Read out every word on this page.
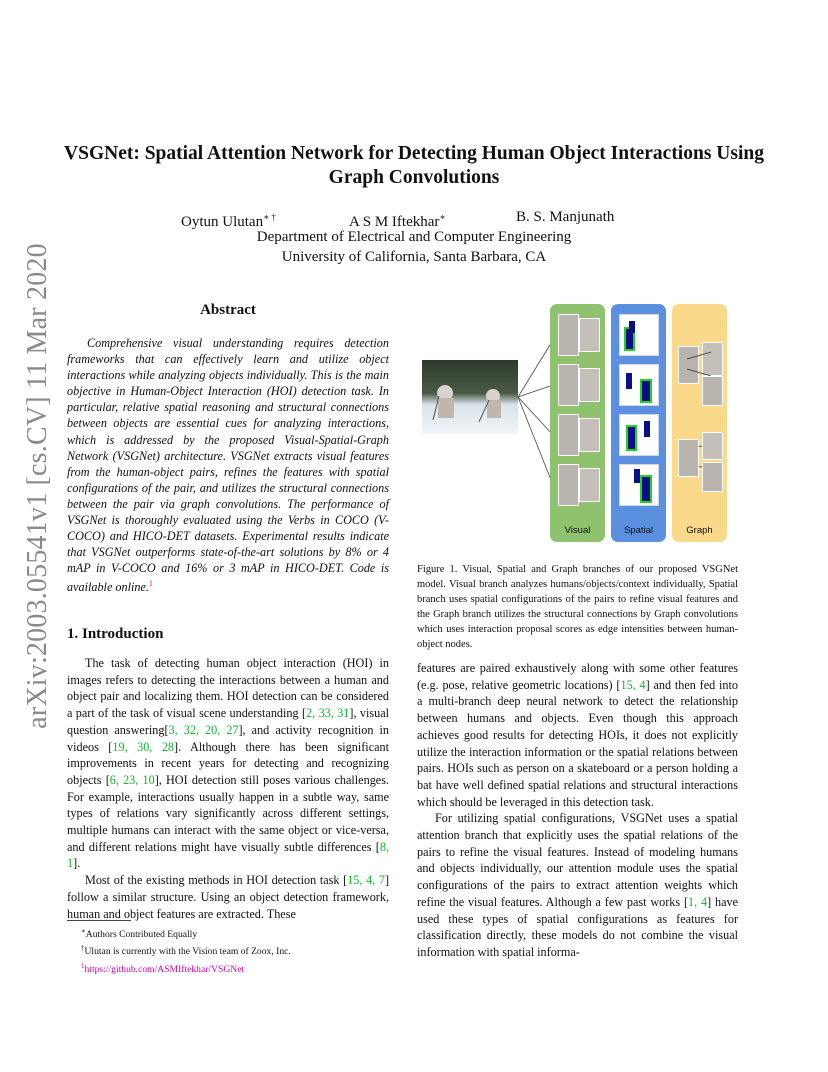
arXiv:2003.05541v1 [cs.CV] 11 Mar 2020
VSGNet: Spatial Attention Network for Detecting Human Object Interactions Using Graph Convolutions
Oytun Ulutan∗ †	A S M Iftekhar∗	B. S. Manjunath
Department of Electrical and Computer Engineering
University of California, Santa Barbara, CA
Abstract

Comprehensive visual understanding requires detection frameworks that can effectively learn and utilize object interactions while analyzing objects individually. This is the main objective in Human-Object Interaction (HOI) detection task. In particular, relative spatial reasoning and structural connections between objects are essential cues for analyzing interactions, which is addressed by the proposed Visual-Spatial-Graph Network (VSGNet) architecture. VSGNet extracts visual features from the human-object pairs, refines the features with spatial configurations of the pair, and utilizes the structural connections between the pair via graph convolutions. The performance of VSGNet is thoroughly evaluated using the Verbs in COCO (V-COCO) and HICO-DET datasets. Experimental results indicate that VSGNet outperforms state-of-the-art solutions by 8% or 4 mAP in V-COCO and 16% or 3 mAP in HICO-DET. Code is available online.$^1$

1. Introduction

The task of detecting human object interaction (HOI) in images refers to detecting the interactions between a human and object pair and localizing them. HOI detection can be considered a part of the task of visual scene understanding [2, 33, 31], visual question answering[3, 32, 20, 27], and activity recognition in videos [19, 30, 28]. Although there has been significant improvements in recent years for detecting and recognizing objects [6, 23, 10], HOI detection still poses various challenges. For example, interactions usually happen in a subtle way, same types of relations vary significantly across different settings, multiple humans can interact with the same object or vice-versa, and different relations might have visually subtle differences [8, 1].

Most of the existing methods in HOI detection task [15, 4, 7] follow a similar structure. Using an object detection framework, human and object features are extracted. These

∗Authors Contributed Equally
†Ulutan is currently with the Vision team of Zoox, Inc.
$^1$https://github.com/ASMIftekhar/VSGNet
Visual	Spatial	Graph
Figure 1. Visual, Spatial and Graph branches of our proposed VSGNet model. Visual branch analyzes humans/objects/context individually, Spatial branch uses spatial configurations of the pairs to refine visual features and the Graph branch utilizes the structural connections by Graph convolutions which uses interaction proposal scores as edge intensities between human-object nodes.

features are paired exhaustively along with some other features (e.g. pose, relative geometric locations) [15, 4] and then fed into a multi-branch deep neural network to detect the relationship between humans and objects. Even though this approach achieves good results for detecting HOIs, it does not explicitly utilize the interaction information or the spatial relations between pairs. HOIs such as person on a skateboard or a person holding a bat have well defined spatial relations and structural interactions which should be leveraged in this detection task.

For utilizing spatial configurations, VSGNet uses a spatial attention branch that explicitly uses the spatial relations of the pairs to refine the visual features. Instead of modeling humans and objects individually, our attention module uses the spatial configurations of the pairs to extract attention weights which refine the visual features. Although a few past works [1, 4] have used these types of spatial configurations as features for classification directly, these models do not combine the visual information with spatial informa-
